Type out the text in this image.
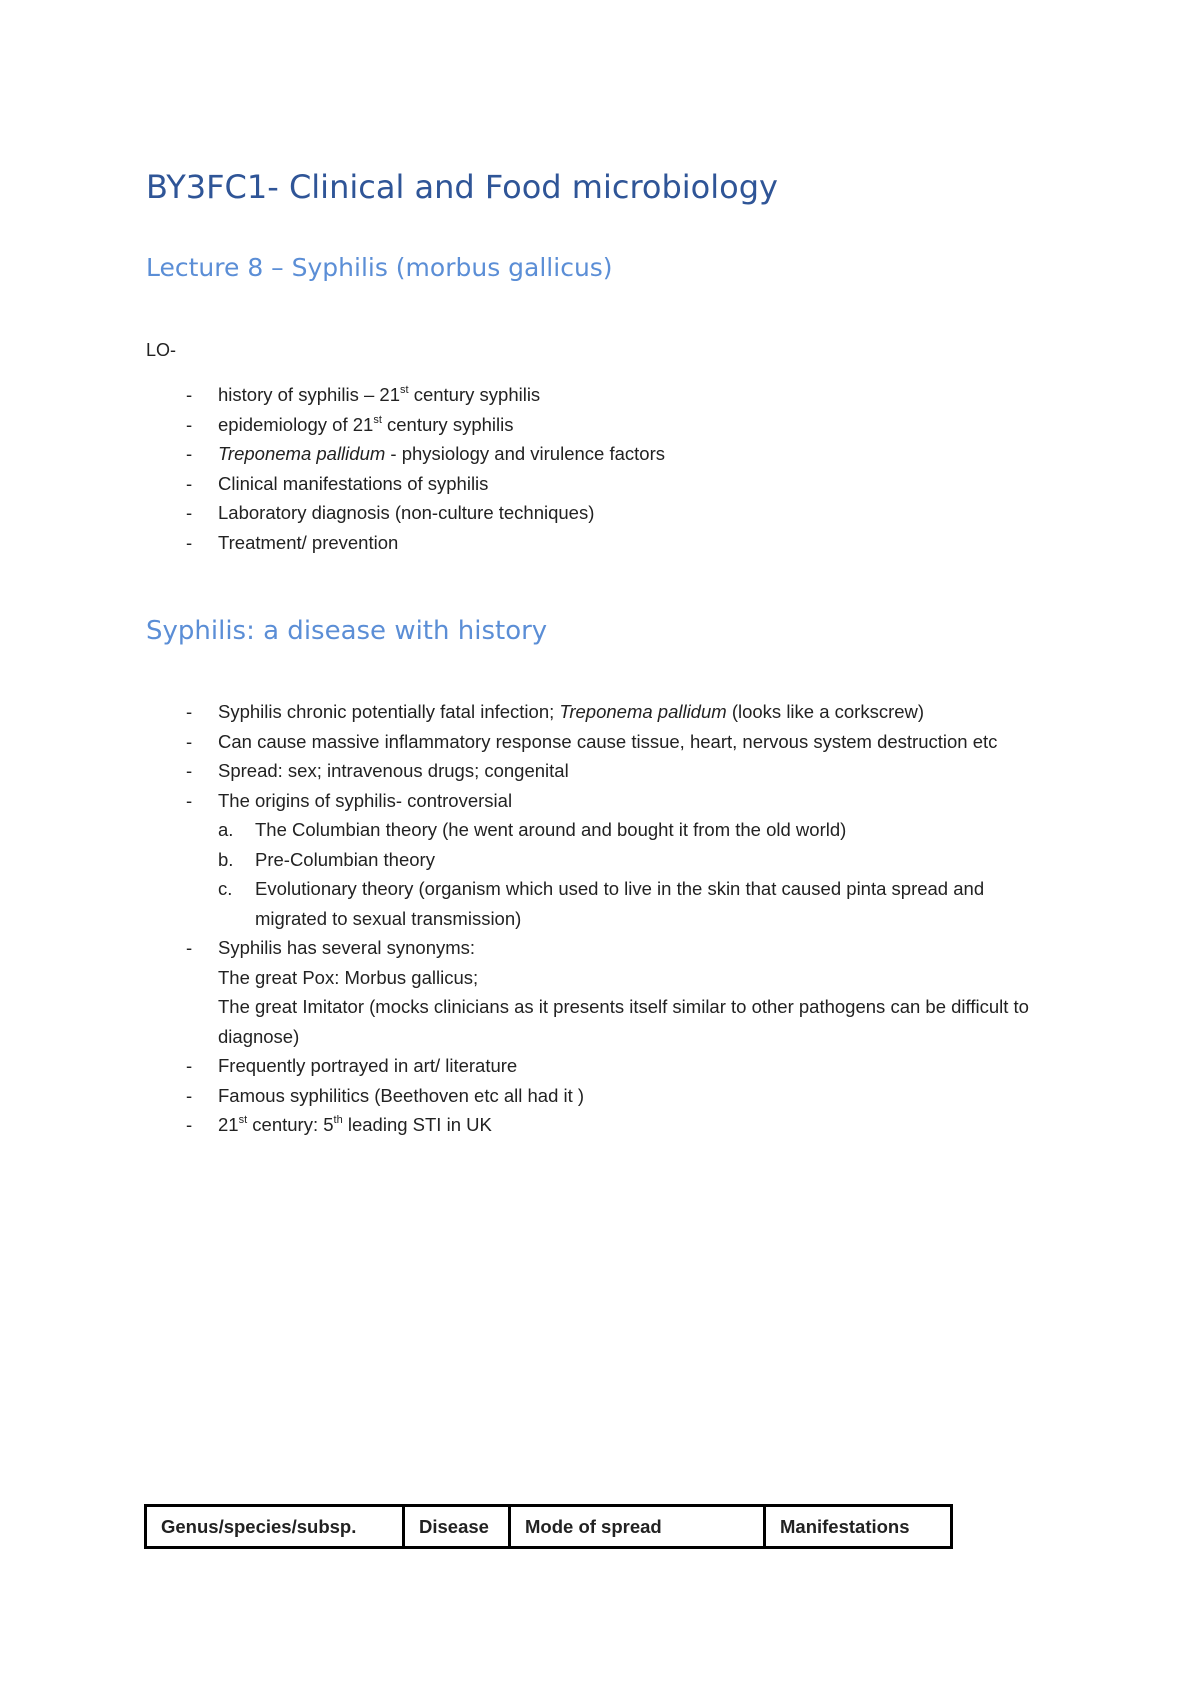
BY3FC1- Clinical and Food microbiology
Lecture 8 – Syphilis (morbus gallicus)
LO-
- history of syphilis – 21st century syphilis
- epidemiology of 21st century syphilis
- Treponema pallidum - physiology and virulence factors
- Clinical manifestations of syphilis
- Laboratory diagnosis (non-culture techniques)
- Treatment/ prevention
Syphilis: a disease with history
- Syphilis chronic potentially fatal infection; Treponema pallidum (looks like a corkscrew)
- Can cause massive inflammatory response cause tissue, heart, nervous system destruction etc
- Spread: sex; intravenous drugs; congenital
- The origins of syphilis- controversial
a. The Columbian theory (he went around and bought it from the old world)
b. Pre-Columbian theory
c. Evolutionary theory (organism which used to live in the skin that caused pinta spread and migrated to sexual transmission)
- Syphilis has several synonyms:
The great Pox: Morbus gallicus;
The great Imitator (mocks clinicians as it presents itself similar to other pathogens can be difficult to diagnose)
- Frequently portrayed in art/ literature
- Famous syphilitics (Beethoven etc all had it )
- 21st century: 5th leading STI in UK
Genus/species/subsp.	Disease	Mode of spread	Manifestations
